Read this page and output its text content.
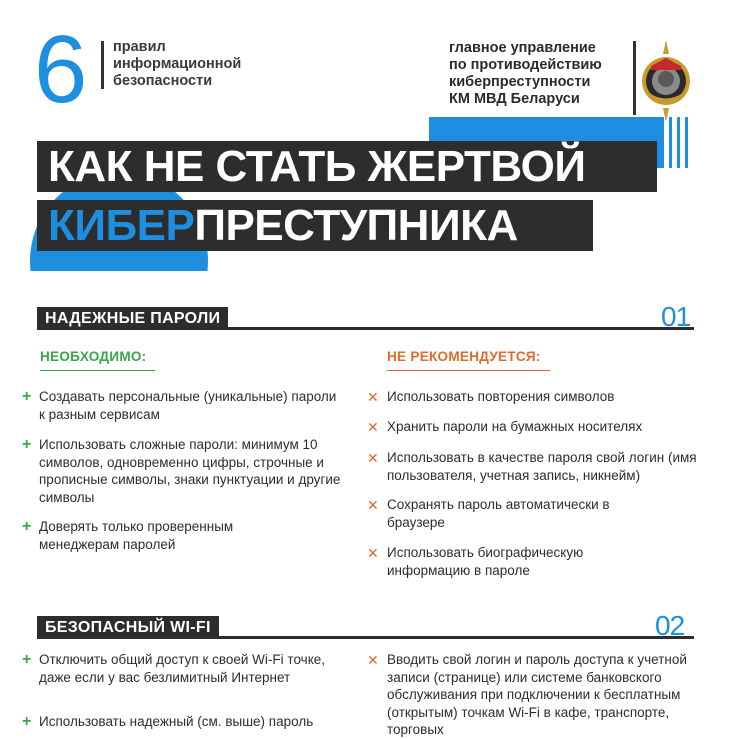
6 правил
информационной
безопасности
главное управление
по противодействию
киберпреступности
КМ МВД Беларуси
КАК НЕ СТАТЬ ЖЕРТВОЙ
КИБЕРПРЕСТУПНИКА
НАДЕЖНЫЕ ПАРОЛИ	01
НЕОБХОДИМО:	НЕ РЕКОМЕНДУЕТСЯ:
+ Создавать персональные (уникальные) пароли к разным сервисам
+ Использовать сложные пароли: минимум 10 символов, одновременно цифры, строчные и прописные символы, знаки пунктуации и другие символы
+ Доверять только проверенным менеджерам паролей
✕ Использовать повторения символов
✕ Хранить пароли на бумажных носителях
✕ Использовать в качестве пароля свой логин (имя пользователя, учетная запись, никнейм)
✕ Сохранять пароль автоматически в браузере
✕ Использовать биографическую информацию в пароле
БЕЗОПАСНЫЙ WI-FI	02
+ Отключить общий доступ к своей Wi-Fi точке, даже если у вас безлимитный Интернет
+ Использовать надежный (см. выше) пароль
✕ Вводить свой логин и пароль доступа к учетной записи (странице) или системе банковского обслуживания при подключении к бесплатным (открытым) точкам Wi-Fi в кафе, транспорте, торговых
